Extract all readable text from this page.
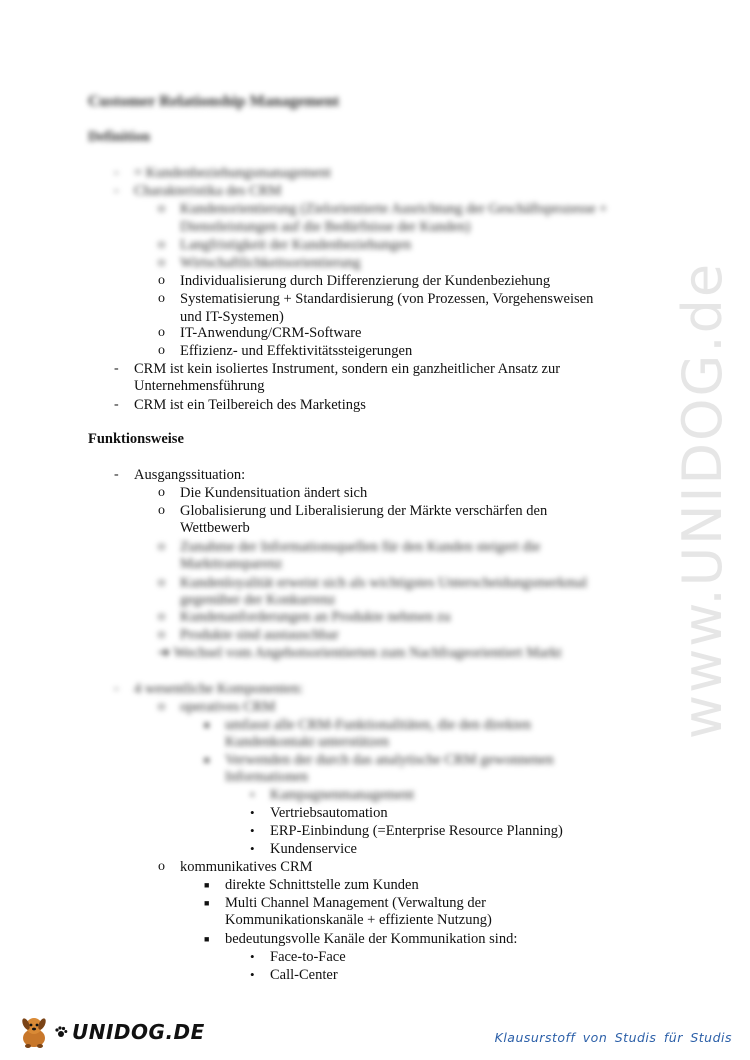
www.UNIDOG.de
Customer Relationship Management
Definition
- = Kundenbeziehungsmanagement
- Charakteristika des CRM
o Kundenorientierung (Zielorientierte Ausrichtung der Geschäftsprozesse + Dienstleistungen auf die Bedürfnisse der Kunden)
o Langfristigkeit der Kundenbeziehungen
o Wirtschaftlichkeitsorientierung
o Individualisierung durch Differenzierung der Kundenbeziehung
o Systematisierung + Standardisierung (von Prozessen, Vorgehensweisen
und IT-Systemen)
o IT-Anwendung/CRM-Software
o Effizienz- und Effektivitätssteigerungen
- CRM ist kein isoliertes Instrument, sondern ein ganzheitlicher Ansatz zur
Unternehmensführung
- CRM ist ein Teilbereich des Marketings
Funktionsweise
- Ausgangssituation:
o Die Kundensituation ändert sich
o Globalisierung und Liberalisierung der Märkte verschärfen den
Wettbewerb
o Zunahme der Informationsquellen für den Kunden steigert die
Markttransparenz
o Kundenloyalität erweist sich als wichtigstes Unterscheidungsmerkmal
gegenüber der Konkurrenz
o Kundenanforderungen an Produkte nehmen zu
o Produkte sind austauschbar
➔ Wechsel vom Angebotsorientierten zum Nachfrageorientiert Markt
- 4 wesentliche Komponenten:
o operatives CRM
■ umfasst alle CRM-Funktionalitäten, die den direkten
Kundenkontakt unterstützen
■ Verwenden der durch das analytische CRM gewonnenen
Informationen
• Kampagnenmanagement
• Vertriebsautomation
• ERP-Einbindung (=Enterprise Resource Planning)
• Kundenservice
o kommunikatives CRM
■ direkte Schnittstelle zum Kunden
■ Multi Channel Management (Verwaltung der
Kommunikationskanäle + effiziente Nutzung)
■ bedeutungsvolle Kanäle der Kommunikation sind:
• Face-to-Face
• Call-Center
UNIDOG.DE	Klausurstoff von Studis für Studis
